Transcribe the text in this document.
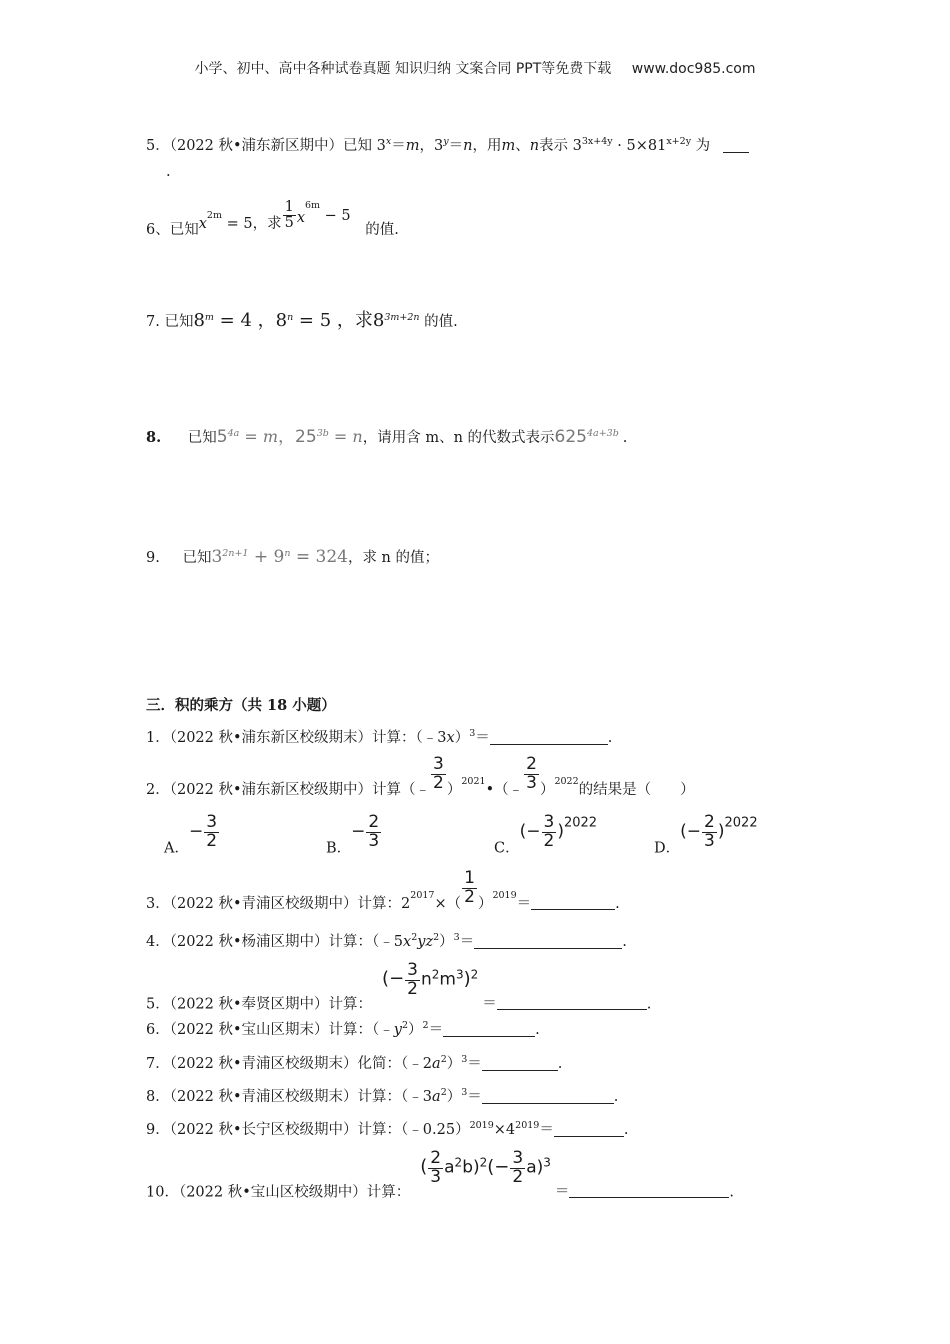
小学、初中、高中各种试卷真题 知识归纳 文案合同 PPT等免费下载 www.doc985.com
5．（2022 秋•浦东新区期中）已知 $3^x=m$，$3^y=n$，用m、n表示 $3^{3x+4y} \cdot 5\times 81^{x+2y}$ 为
.
6、已知$x^{2m} = 5$，求 $\frac{1}{5} x^{6m} - 5$ 的值.
7. 已知$8^m = 4$ ，$8^n = 5$ ，求$8^{3m+2n}$ 的值.
8. 已知$5^{4a} = m$，$25^{3b} = n$，请用含 m、n 的代数式表示$625^{4a+3b}$ .
9. 已知$3^{2n+1} + 9^n = 324$，求 n 的值；
三．积的乘方（共 18 小题）
1．（2022 秋•浦东新区校级期末）计算：（﹣3x）$^3$＝	.
2．（2022 秋•浦东新区校级期中）计算（﹣ $\frac{3}{2}$ ）$^{2021}$•（﹣ $\frac{2}{3} )^{2022}$的结果是（　　）
A．− $\frac{3}{2}$	B．− $\frac{2}{3}$	C．(− $\frac{3}{2} )^{2022}$
D．(− $\frac{2}{3} )^{2022}$
3．（2022 秋•青浦区校级期中）计算：$2^{2017}\times( \frac{1}{2} )^{2019}=$	.
4．（2022 秋•杨浦区期中）计算：$(﹣5x^2yz^2)^3=$	.
5．（2022 秋•奉贤区期中）计算：(− $\frac{3}{2} n^2m^3)^2=$	.
6．（2022 秋•宝山区期末）计算：$(﹣y^2)^2=$	.
7．（2022 秋•青浦区校级期末）化简：$(﹣2a^2)^3=$	.
8．（2022 秋•青浦区校级期末）计算：$(﹣3a^2)^3=$	.
9．（2022 秋•长宁区校级期中）计算：$(﹣0.25)^{2019}\times 4^{2019}=$	.
10．（2022 秋•宝山区校级期中）计算：( $\frac{2}{3} a^2b)^2(- \frac{3}{2} a)^3=$	.
